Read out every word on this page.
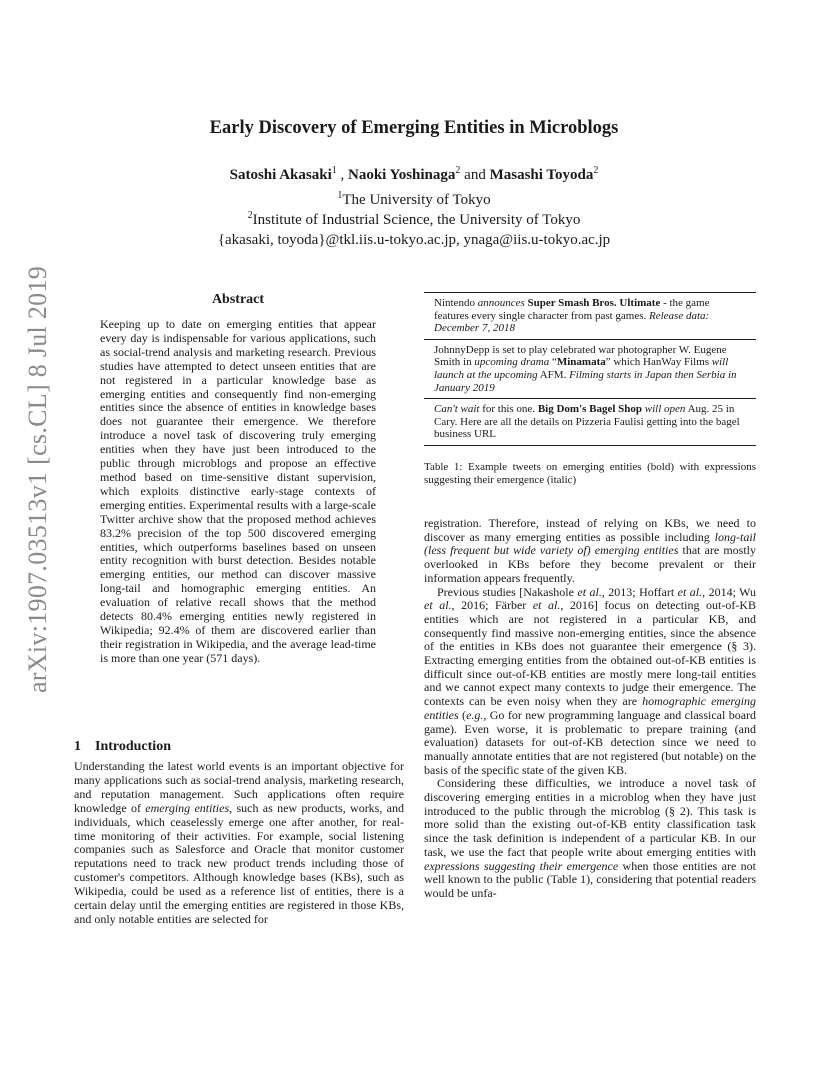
Early Discovery of Emerging Entities in Microblogs
Satoshi Akasaki$^1$ , Naoki Yoshinaga$^2$ and Masashi Toyoda$^2$
$^1$The University of Tokyo
$^2$Institute of Industrial Science, the University of Tokyo
{akasaki, toyoda}@tkl.iis.u-tokyo.ac.jp, ynaga@iis.u-tokyo.ac.jp
arXiv:1907.03513v1 [cs.CL] 8 Jul 2019	Abstract

Keeping up to date on emerging entities that appear every day is indispensable for various applications, such as social-trend analysis and marketing research. Previous studies have attempted to detect unseen entities that are not registered in a particular knowledge base as emerging entities and consequently find non-emerging entities since the absence of entities in knowledge bases does not guarantee their emergence. We therefore introduce a novel task of discovering truly emerging entities when they have just been introduced to the public through microblogs and propose an effective method based on time-sensitive distant supervision, which exploits distinctive early-stage contexts of emerging entities. Experimental results with a large-scale Twitter archive show that the proposed method achieves 83.2% precision of the top 500 discovered emerging entities, which outperforms baselines based on unseen entity recognition with burst detection. Besides notable emerging entities, our method can discover massive long-tail and homographic emerging entities. An evaluation of relative recall shows that the method detects 80.4% emerging entities newly registered in Wikipedia; 92.4% of them are discovered earlier than their registration in Wikipedia, and the average lead-time is more than one year (571 days).

1 Introduction

Understanding the latest world events is an important objective for many applications such as social-trend analysis, marketing research, and reputation management. Such applications often require knowledge of emerging entities, such as new products, works, and individuals, which ceaselessly emerge one after another, for real-time monitoring of their activities. For example, social listening companies such as Salesforce and Oracle that monitor customer reputations need to track new product trends including those of customer's competitors. Although knowledge bases (KBs), such as Wikipedia, could be used as a reference list of entities, there is a certain delay until the emerging entities are registered in those KBs, and only notable entities are selected for

Nintendo announces Super Smash Bros. Ultimate - the game features every single character from past games. Release data: December 7, 2018
JohnnyDepp is set to play celebrated war photographer W. Eugene Smith in upcoming drama “Minamata” which HanWay Films will launch at the upcoming AFM. Filming starts in Japan then Serbia in January 2019
Can't wait for this one. Big Dom's Bagel Shop will open Aug. 25 in Cary. Here are all the details on Pizzeria Faulisi getting into the bagel business URL
Table 1: Example tweets on emerging entities (bold) with expressions suggesting their emergence (italic)

registration. Therefore, instead of relying on KBs, we need to discover as many emerging entities as possible including long-tail (less frequent but wide variety of) emerging entities that are mostly overlooked in KBs before they become prevalent or their information appears frequently.

Previous studies [Nakashole et al., 2013; Hoffart et al., 2014; Wu et al., 2016; Färber et al., 2016] focus on detecting out-of-KB entities which are not registered in a particular KB, and consequently find massive non-emerging entities, since the absence of the entities in KBs does not guarantee their emergence (§ 3). Extracting emerging entities from the obtained out-of-KB entities is difficult since out-of-KB entities are mostly mere long-tail entities and we cannot expect many contexts to judge their emergence. The contexts can be even noisy when they are homographic emerging entities (e.g., Go for new programming language and classical board game). Even worse, it is problematic to prepare training (and evaluation) datasets for out-of-KB detection since we need to manually annotate entities that are not registered (but notable) on the basis of the specific state of the given KB.

Considering these difficulties, we introduce a novel task of discovering emerging entities in a microblog when they have just introduced to the public through the microblog (§ 2). This task is more solid than the existing out-of-KB entity classification task since the task definition is independent of a particular KB. In our task, we use the fact that people write about emerging entities with expressions suggesting their emergence when those entities are not well known to the public (Table 1), considering that potential readers would be unfa-
